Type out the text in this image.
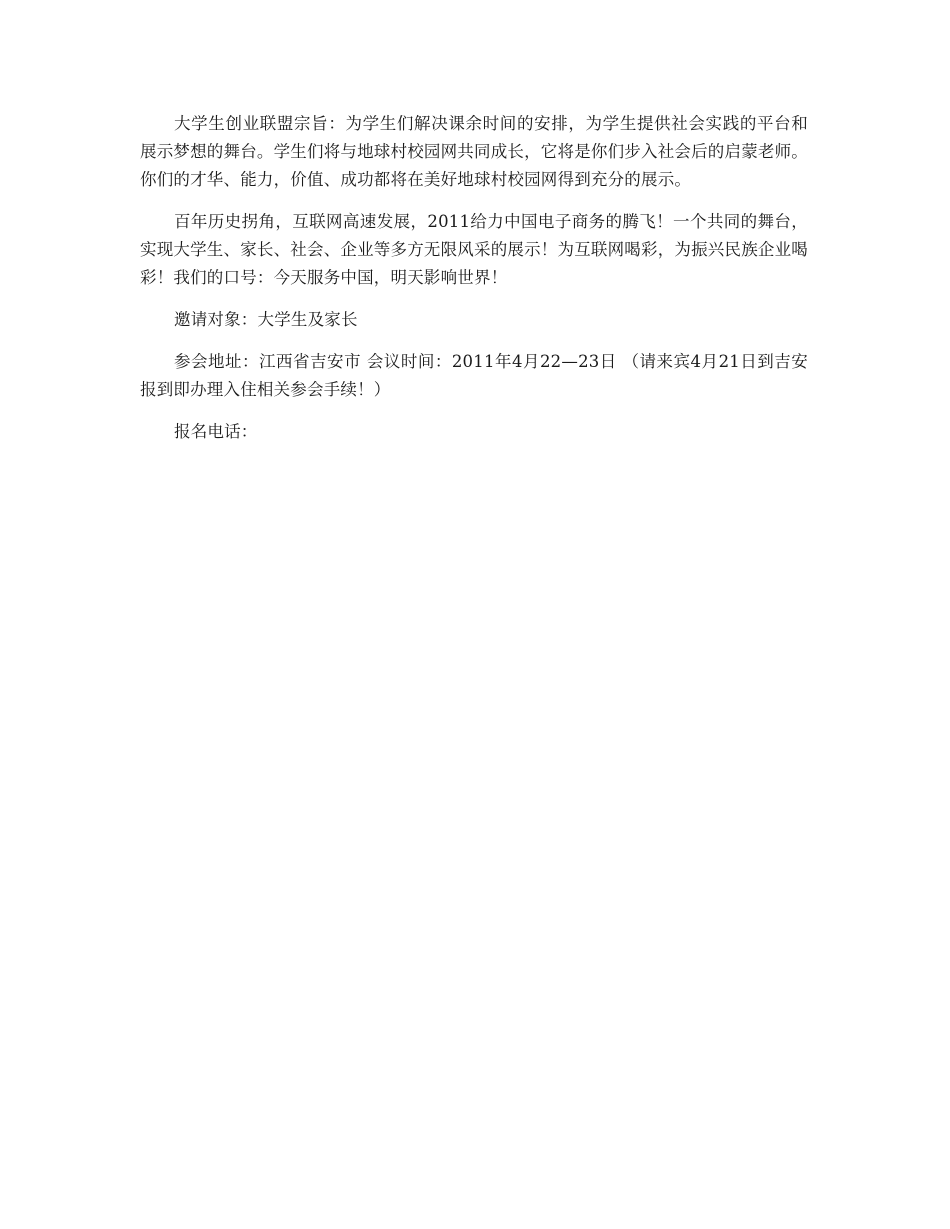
大学生创业联盟宗旨：为学生们解决课余时间的安排，为学生提供社会实践的平台和展示梦想的舞台。学生们将与地球村校园网共同成长，它将是你们步入社会后的启蒙老师。你们的才华、能力，价值、成功都将在美好地球村校园网得到充分的展示。

百年历史拐角，互联网高速发展，2011给力中国电子商务的腾飞！一个共同的舞台，实现大学生、家长、社会、企业等多方无限风采的展示！为互联网喝彩，为振兴民族企业喝彩！我们的口号：今天服务中国，明天影响世界！

邀请对象：大学生及家长

参会地址：江西省吉安市 会议时间：2011年4月22—23日 （请来宾4月21日到吉安报到即办理入住相关参会手续！）

报名电话：
